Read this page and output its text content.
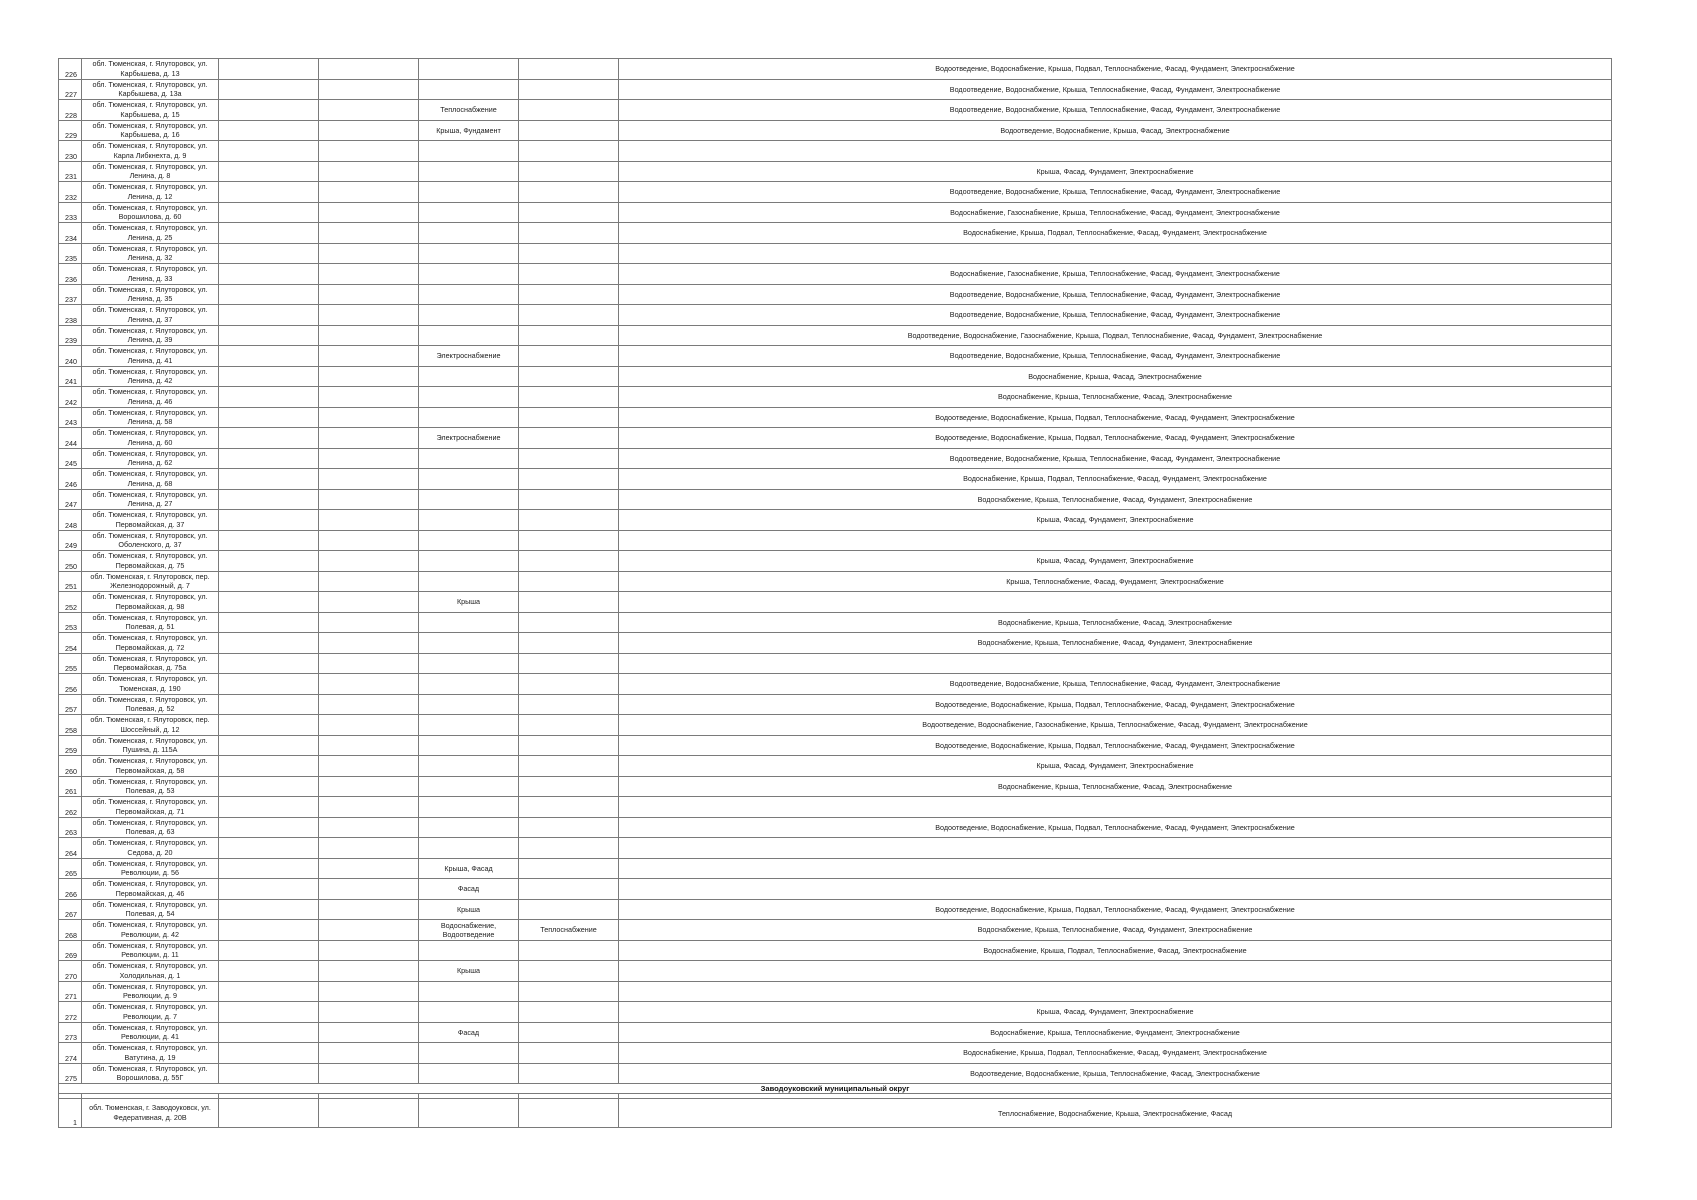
226	обл. Тюменская, г. Ялуторовск, ул. Карбышева, д. 13					Водоотведение, Водоснабжение, Крыша, Подвал, Теплоснабжение, Фасад, Фундамент, Электроснабжение
227	обл. Тюменская, г. Ялуторовск, ул. Карбышева, д. 13а					Водоотведение, Водоснабжение, Крыша, Теплоснабжение, Фасад, Фундамент, Электроснабжение
228	обл. Тюменская, г. Ялуторовск, ул. Карбышева, д. 15			Теплоснабжение		Водоотведение, Водоснабжение, Крыша, Теплоснабжение, Фасад, Фундамент, Электроснабжение
229	обл. Тюменская, г. Ялуторовск, ул. Карбышева, д. 16			Крыша, Фундамент		Водоотведение, Водоснабжение, Крыша, Фасад, Электроснабжение
230	обл. Тюменская, г. Ялуторовск, ул. Карла Либкнехта, д. 9					
231	обл. Тюменская, г. Ялуторовск, ул. Ленина, д. 8					Крыша, Фасад, Фундамент, Электроснабжение
232	обл. Тюменская, г. Ялуторовск, ул. Ленина, д. 12					Водоотведение, Водоснабжение, Крыша, Теплоснабжение, Фасад, Фундамент, Электроснабжение
233	обл. Тюменская, г. Ялуторовск, ул. Ворошилова, д. 60					Водоснабжение, Газоснабжение, Крыша, Теплоснабжение, Фасад, Фундамент, Электроснабжение
234	обл. Тюменская, г. Ялуторовск, ул. Ленина, д. 25					Водоснабжение, Крыша, Подвал, Теплоснабжение, Фасад, Фундамент, Электроснабжение
235	обл. Тюменская, г. Ялуторовск, ул. Ленина, д. 32					
236	обл. Тюменская, г. Ялуторовск, ул. Ленина, д. 33					Водоснабжение, Газоснабжение, Крыша, Теплоснабжение, Фасад, Фундамент, Электроснабжение
237	обл. Тюменская, г. Ялуторовск, ул. Ленина, д. 35					Водоотведение, Водоснабжение, Крыша, Теплоснабжение, Фасад, Фундамент, Электроснабжение
238	обл. Тюменская, г. Ялуторовск, ул. Ленина, д. 37					Водоотведение, Водоснабжение, Крыша, Теплоснабжение, Фасад, Фундамент, Электроснабжение
239	обл. Тюменская, г. Ялуторовск, ул. Ленина, д. 39					Водоотведение, Водоснабжение, Газоснабжение, Крыша, Подвал, Теплоснабжение, Фасад, Фундамент, Электроснабжение
240	обл. Тюменская, г. Ялуторовск, ул. Ленина, д. 41			Электроснабжение		Водоотведение, Водоснабжение, Крыша, Теплоснабжение, Фасад, Фундамент, Электроснабжение
241	обл. Тюменская, г. Ялуторовск, ул. Ленина, д. 42					Водоснабжение, Крыша, Фасад, Электроснабжение
242	обл. Тюменская, г. Ялуторовск, ул. Ленина, д. 46					Водоснабжение, Крыша, Теплоснабжение, Фасад, Электроснабжение
243	обл. Тюменская, г. Ялуторовск, ул. Ленина, д. 58					Водоотведение, Водоснабжение, Крыша, Подвал, Теплоснабжение, Фасад, Фундамент, Электроснабжение
244	обл. Тюменская, г. Ялуторовск, ул. Ленина, д. 60			Электроснабжение		Водоотведение, Водоснабжение, Крыша, Подвал, Теплоснабжение, Фасад, Фундамент, Электроснабжение
245	обл. Тюменская, г. Ялуторовск, ул. Ленина, д. 62					Водоотведение, Водоснабжение, Крыша, Теплоснабжение, Фасад, Фундамент, Электроснабжение
246	обл. Тюменская, г. Ялуторовск, ул. Ленина, д. 68					Водоснабжение, Крыша, Подвал, Теплоснабжение, Фасад, Фундамент, Электроснабжение
247	обл. Тюменская, г. Ялуторовск, ул. Ленина, д. 27					Водоснабжение, Крыша, Теплоснабжение, Фасад, Фундамент, Электроснабжение
248	обл. Тюменская, г. Ялуторовск, ул. Первомайская, д. 37					Крыша, Фасад, Фундамент, Электроснабжение
249	обл. Тюменская, г. Ялуторовск, ул. Оболенского, д. 37					
250	обл. Тюменская, г. Ялуторовск, ул. Первомайская, д. 75					Крыша, Фасад, Фундамент, Электроснабжение
251	обл. Тюменская, г. Ялуторовск, пер. Железнодорожный, д. 7					Крыша, Теплоснабжение, Фасад, Фундамент, Электроснабжение
252	обл. Тюменская, г. Ялуторовск, ул. Первомайская, д. 98			Крыша		
253	обл. Тюменская, г. Ялуторовск, ул. Полевая, д. 51					Водоснабжение, Крыша, Теплоснабжение, Фасад, Электроснабжение
254	обл. Тюменская, г. Ялуторовск, ул. Первомайская, д. 72					Водоснабжение, Крыша, Теплоснабжение, Фасад, Фундамент, Электроснабжение
255	обл. Тюменская, г. Ялуторовск, ул. Первомайская, д. 75а					
256	обл. Тюменская, г. Ялуторовск, ул. Тюменская, д. 190					Водоотведение, Водоснабжение, Крыша, Теплоснабжение, Фасад, Фундамент, Электроснабжение
257	обл. Тюменская, г. Ялуторовск, ул. Полевая, д. 52					Водоотведение, Водоснабжение, Крыша, Подвал, Теплоснабжение, Фасад, Фундамент, Электроснабжение
258	обл. Тюменская, г. Ялуторовск, пер. Шоссейный, д. 12					Водоотведение, Водоснабжение, Газоснабжение, Крыша, Теплоснабжение, Фасад, Фундамент, Электроснабжение
259	обл. Тюменская, г. Ялуторовск, ул. Пушина, д. 115А					Водоотведение, Водоснабжение, Крыша, Подвал, Теплоснабжение, Фасад, Фундамент, Электроснабжение
260	обл. Тюменская, г. Ялуторовск, ул. Первомайская, д. 58					Крыша, Фасад, Фундамент, Электроснабжение
261	обл. Тюменская, г. Ялуторовск, ул. Полевая, д. 53					Водоснабжение, Крыша, Теплоснабжение, Фасад, Электроснабжение
262	обл. Тюменская, г. Ялуторовск, ул. Первомайская, д. 71					
263	обл. Тюменская, г. Ялуторовск, ул. Полевая, д. 63					Водоотведение, Водоснабжение, Крыша, Подвал, Теплоснабжение, Фасад, Фундамент, Электроснабжение
264	обл. Тюменская, г. Ялуторовск, ул. Седова, д. 20					
265	обл. Тюменская, г. Ялуторовск, ул. Революции, д. 56			Крыша, Фасад		
266	обл. Тюменская, г. Ялуторовск, ул. Первомайская, д. 46			Фасад		
267	обл. Тюменская, г. Ялуторовск, ул. Полевая, д. 54			Крыша		Водоотведение, Водоснабжение, Крыша, Подвал, Теплоснабжение, Фасад, Фундамент, Электроснабжение
268	обл. Тюменская, г. Ялуторовск, ул. Революции, д. 42			Водоснабжение, Водоотведение	Теплоснабжение	Водоснабжение, Крыша, Теплоснабжение, Фасад, Фундамент, Электроснабжение
269	обл. Тюменская, г. Ялуторовск, ул. Революции, д. 11					Водоснабжение, Крыша, Подвал, Теплоснабжение, Фасад, Электроснабжение
270	обл. Тюменская, г. Ялуторовск, ул. Холодильная, д. 1			Крыша		
271	обл. Тюменская, г. Ялуторовск, ул. Революции, д. 9					
272	обл. Тюменская, г. Ялуторовск, ул. Революции, д. 7					Крыша, Фасад, Фундамент, Электроснабжение
273	обл. Тюменская, г. Ялуторовск, ул. Революции, д. 41			Фасад		Водоснабжение, Крыша, Теплоснабжение, Фундамент, Электроснабжение
274	обл. Тюменская, г. Ялуторовск, ул. Ватутина, д. 19					Водоснабжение, Крыша, Подвал, Теплоснабжение, Фасад, Фундамент, Электроснабжение
275	обл. Тюменская, г. Ялуторовск, ул. Ворошилова, д. 55Г					Водоотведение, Водоснабжение, Крыша, Теплоснабжение, Фасад, Электроснабжение
Заводоуковский муниципальный округ						

1	обл. Тюменская, г. Заводоуковск, ул. Федеративная, д. 20В					Теплоснабжение, Водоснабжение, Крыша, Электроснабжение, Фасад
